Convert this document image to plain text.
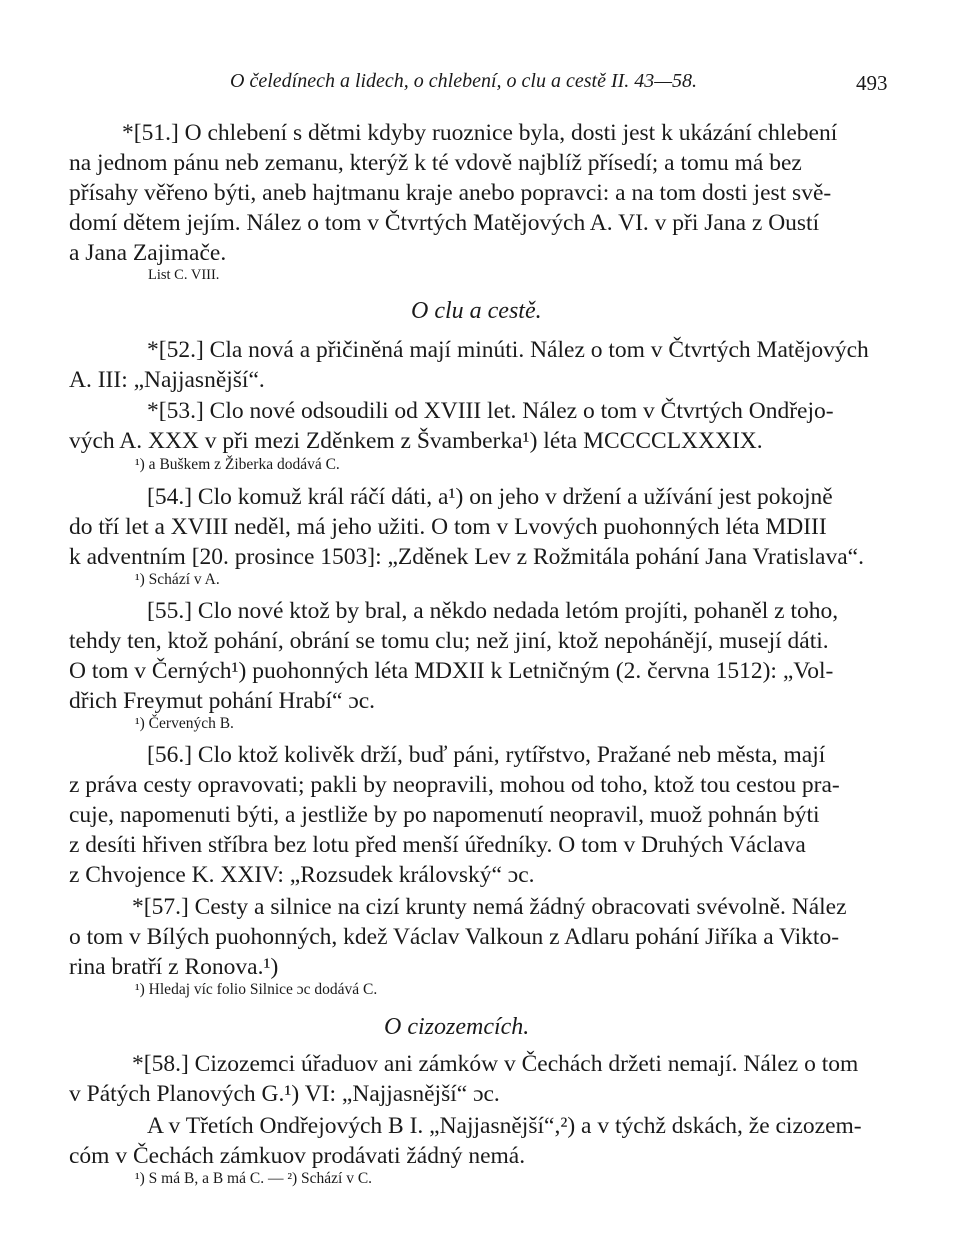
O čeledínech a lidech, o chlebení, o clu a cestě II. 43—58.	493
*[51.] O chlebení s dětmi kdyby ruoznice byla, dosti jest k ukázání chlebení
na jednom pánu neb zemanu, kterýž k té vdově najblíž přísedí; a tomu má bez
přísahy věřeno býti, aneb hajtmanu kraje anebo popravci: a na tom dosti jest svě-
domí dětem jejím. Nález o tom v Čtvrtých Matějových A. VI. v při Jana z Oustí
a Jana Zajimače.
List C. VIII.
O clu a cestě.
*[52.] Cla nová a přičiněná mají minúti. Nález o tom v Čtvrtých Matějových
A. III: „Najjasnější“.
*[53.] Clo nové odsoudili od XVIII let. Nález o tom v Čtvrtých Ondřejo-
vých A. XXX v při mezi Zděnkem z Švamberka¹) léta MCCCCLXXXIX.
¹) a Buškem z Žiberka dodává C.
[54.] Clo komuž král ráčí dáti, a¹) on jeho v držení a užívání jest pokojně
do tří let a XVIII neděl, má jeho užiti. O tom v Lvových puohonných léta MDIII
k adventním [20. prosince 1503]: „Zděnek Lev z Rožmitála pohání Jana Vratislava“.
¹) Schází v A.
[55.] Clo nové ktož by bral, a někdo nedada letóm projíti, pohaněl z toho,
tehdy ten, ktož pohání, obrání se tomu clu; než jiní, ktož nepohánějí, musejí dáti.
O tom v Černých¹) puohonných léta MDXII k Letničným (2. června 1512): „Vol-
dřich Freymut pohání Hrabí“ ɔc.
¹) Červených B.
[56.] Clo ktož kolivěk drží, buď páni, rytířstvo, Pražané neb města, mají
z práva cesty opravovati; pakli by neopravili, mohou od toho, ktož tou cestou pra-
cuje, napomenuti býti, a jestliže by po napomenutí neopravil, muož pohnán býti
z desíti hřiven stříbra bez lotu před menší úředníky. O tom v Druhých Václava
z Chvojence K. XXIV: „Rozsudek královský“ ɔc.
*[57.] Cesty a silnice na cizí krunty nemá žádný obracovati svévolně. Nález
o tom v Bílých puohonných, kdež Václav Valkoun z Adlaru pohání Jiříka a Vikto-
rina bratří z Ronova.¹)
¹) Hledaj víc folio Silnice ɔc dodává C.
O cizozemcích.
*[58.] Cizozemci úřaduov ani zámków v Čechách držeti nemají. Nález o tom
v Pátých Planových G.¹) VI: „Najjasnější“ ɔc.
A v Třetích Ondřejových B I. „Najjasnější“,²) a v týchž dskách, že cizozem-
cóm v Čechách zámkuov prodávati žádný nemá.
¹) S má B, a B má C. — ²) Schází v C.
